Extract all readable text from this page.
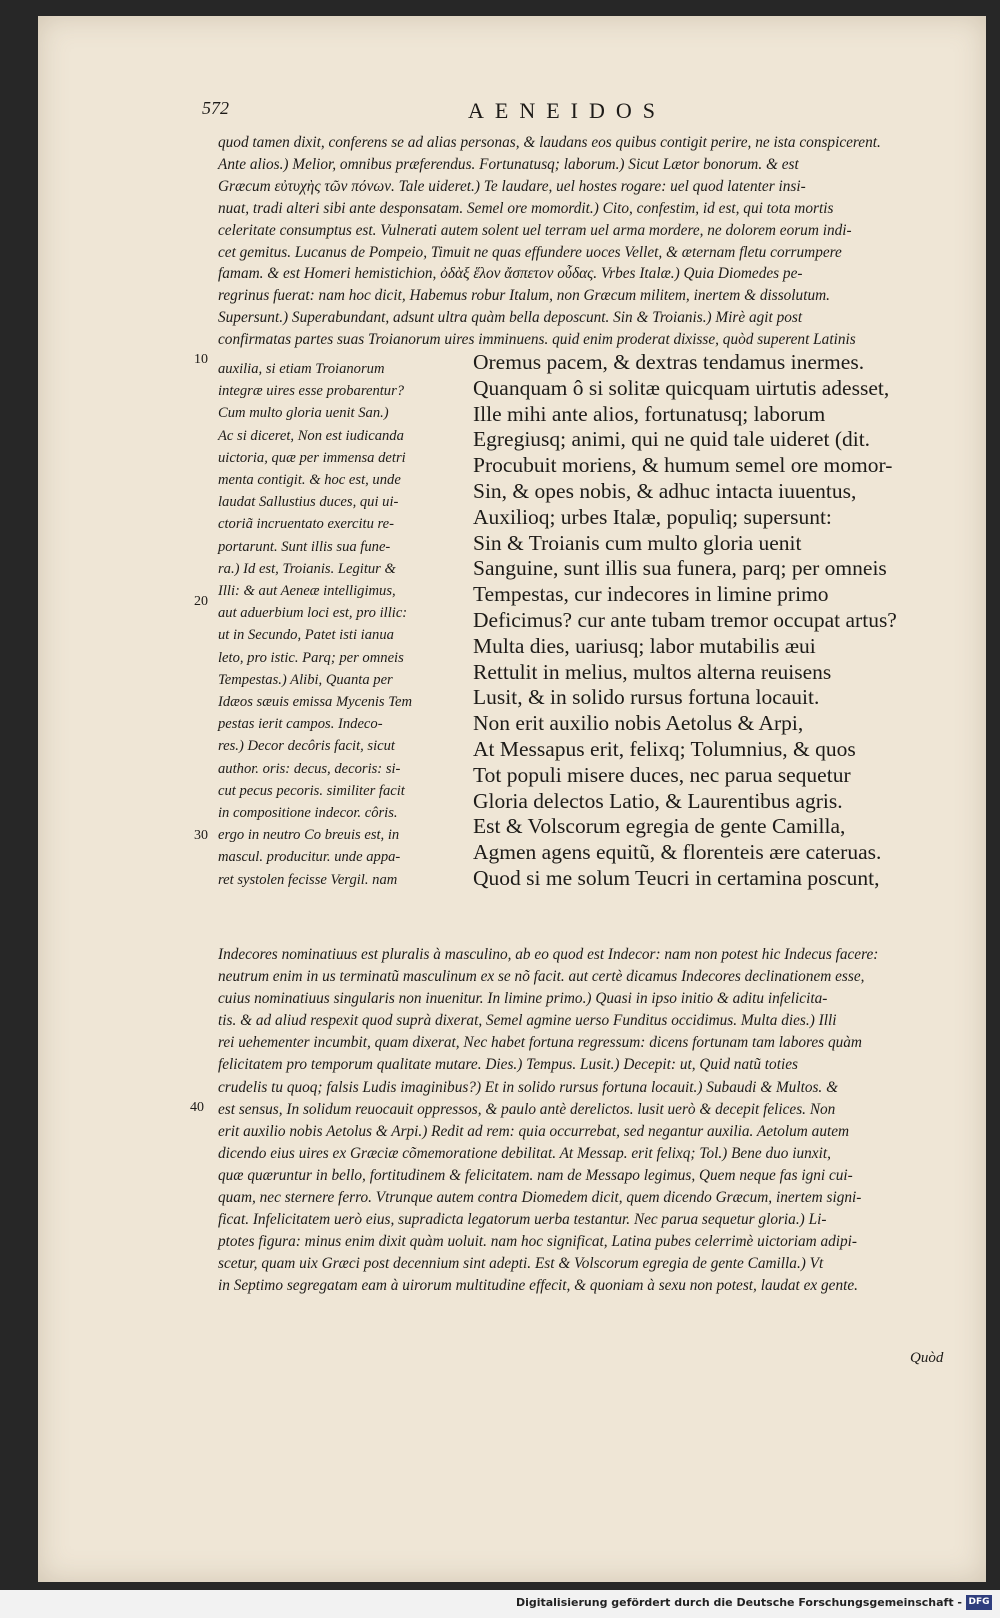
572	AENEIDOS
quod tamen dixit, conferens se ad alias personas, & laudans eos quibus contigit perire, ne ista conspicerent.
Ante alios.) Melior, omnibus præferendus. Fortunatusq; laborum.) Sicut Lætor bonorum. & est
Græcum εὐτυχὴς τῶν πόνων. Tale uideret.) Te laudare, uel hostes rogare: uel quod latenter insi-
nuat, tradi alteri sibi ante desponsatam. Semel ore momordit.) Cito, confestim, id est, qui tota mortis
celeritate consumptus est. Vulnerati autem solent uel terram uel arma mordere, ne dolorem eorum indi-
cet gemitus. Lucanus de Pompeio, Timuit ne quas effundere uoces Vellet, & æternam fletu corrumpere
famam. & est Homeri hemistichion, ὀδὰξ ἕλον ἄσπετον οὖδας. Vrbes Italæ.) Quia Diomedes pe-
regrinus fuerat: nam hoc dicit, Habemus robur Italum, non Græcum militem, inertem & dissolutum.
Supersunt.) Superabundant, adsunt ultra quàm bella deposcunt. Sin & Troianis.) Mirè agit post
confirmatas partes suas Troianorum uires imminuens. quid enim proderat dixisse, quòd superent Latinis
auxilia, si etiam Troianorum
integræ uires esse probarentur?
Cum multo gloria uenit San.)
Ac si diceret, Non est iudicanda
uictoria, quæ per immensa detri
menta contigit. & hoc est, unde
laudat Sallustius duces, qui ui-
ctoriã incruentato exercitu re-
portarunt. Sunt illis sua fune-
ra.) Id est, Troianis. Legitur &
Illi: & aut Aeneæ intelligimus,
aut aduerbium loci est, pro illic:
ut in Secundo, Patet isti ianua
leto, pro istic. Parq; per omneis
Tempestas.) Alibi, Quanta per
Idæos sæuis emissa Mycenis Tem
pestas ierit campos. Indeco-
res.) Decor decôris facit, sicut
author. oris: decus, decoris: si-
cut pecus pecoris. similiter facit
in compositione indecor. côris.
ergo in neutro Co breuis est, in
mascul. producitur. unde appa-
ret systolen fecisse Vergil. nam
Oremus pacem, & dextras tendamus inermes.
Quanquam ô si solitæ quicquam uirtutis adesset,
Ille mihi ante alios, fortunatusq; laborum
Egregiusq; animi, qui ne quid tale uideret (dit.
Procubuit moriens, & humum semel ore momor-
Sin, & opes nobis, & adhuc intacta iuuentus,
Auxilioq; urbes Italæ, populiq; supersunt:
Sin & Troianis cum multo gloria uenit
Sanguine, sunt illis sua funera, parq; per omneis
Tempestas, cur indecores in limine primo
Deficimus? cur ante tubam tremor occupat artus?
Multa dies, uariusq; labor mutabilis æui
Rettulit in melius, multos alterna reuisens
Lusit, & in solido rursus fortuna locauit.
Non erit auxilio nobis Aetolus & Arpi,
At Messapus erit, felixq; Tolumnius, & quos
Tot populi misere duces, nec parua sequetur
Gloria delectos Latio, & Laurentibus agris.
Est & Volscorum egregia de gente Camilla,
Agmen agens equitũ, & florenteis ære cateruas.
Quod si me solum Teucri in certamina poscunt,
Indecores nominatiuus est pluralis à masculino, ab eo quod est Indecor: nam non potest hic Indecus facere:
neutrum enim in us terminatũ masculinum ex se nõ facit. aut certè dicamus Indecores declinationem esse,
cuius nominatiuus singularis non inuenitur. In limine primo.) Quasi in ipso initio & aditu infelicita-
tis. & ad aliud respexit quod suprà dixerat, Semel agmine uerso Funditus occidimus. Multa dies.) Illi
rei uehementer incumbit, quam dixerat, Nec habet fortuna regressum: dicens fortunam tam labores quàm
felicitatem pro temporum qualitate mutare. Dies.) Tempus. Lusit.) Decepit: ut, Quid natũ toties
crudelis tu quoq; falsis Ludis imaginibus?) Et in solido rursus fortuna locauit.) Subaudi & Multos. &
est sensus, In solidum reuocauit oppressos, & paulo antè derelictos. lusit uerò & decepit felices. Non
erit auxilio nobis Aetolus & Arpi.) Redit ad rem: quia occurrebat, sed negantur auxilia. Aetolum autem
dicendo eius uires ex Græciæ cõmemoratione debilitat. At Messap. erit felixq; Tol.) Bene duo iunxit,
quæ quæruntur in bello, fortitudinem & felicitatem. nam de Messapo legimus, Quem neque fas igni cui-
quam, nec sternere ferro. Vtrunque autem contra Diomedem dicit, quem dicendo Græcum, inertem signi-
ficat. Infelicitatem uerò eius, supradicta legatorum uerba testantur. Nec parua sequetur gloria.) Li-
ptotes figura: minus enim dixit quàm uoluit. nam hoc significat, Latina pubes celerrimè uictoriam adipi-
scetur, quam uix Græci post decennium sint adepti. Est & Volscorum egregia de gente Camilla.) Vt
in Septimo segregatam eam à uirorum multitudine effecit, & quoniam à sexu non potest, laudat ex gente.
10
20
30
40
Quòd
Digitalisierung gefördert durch die Deutsche Forschungsgemeinschaft - DFG
